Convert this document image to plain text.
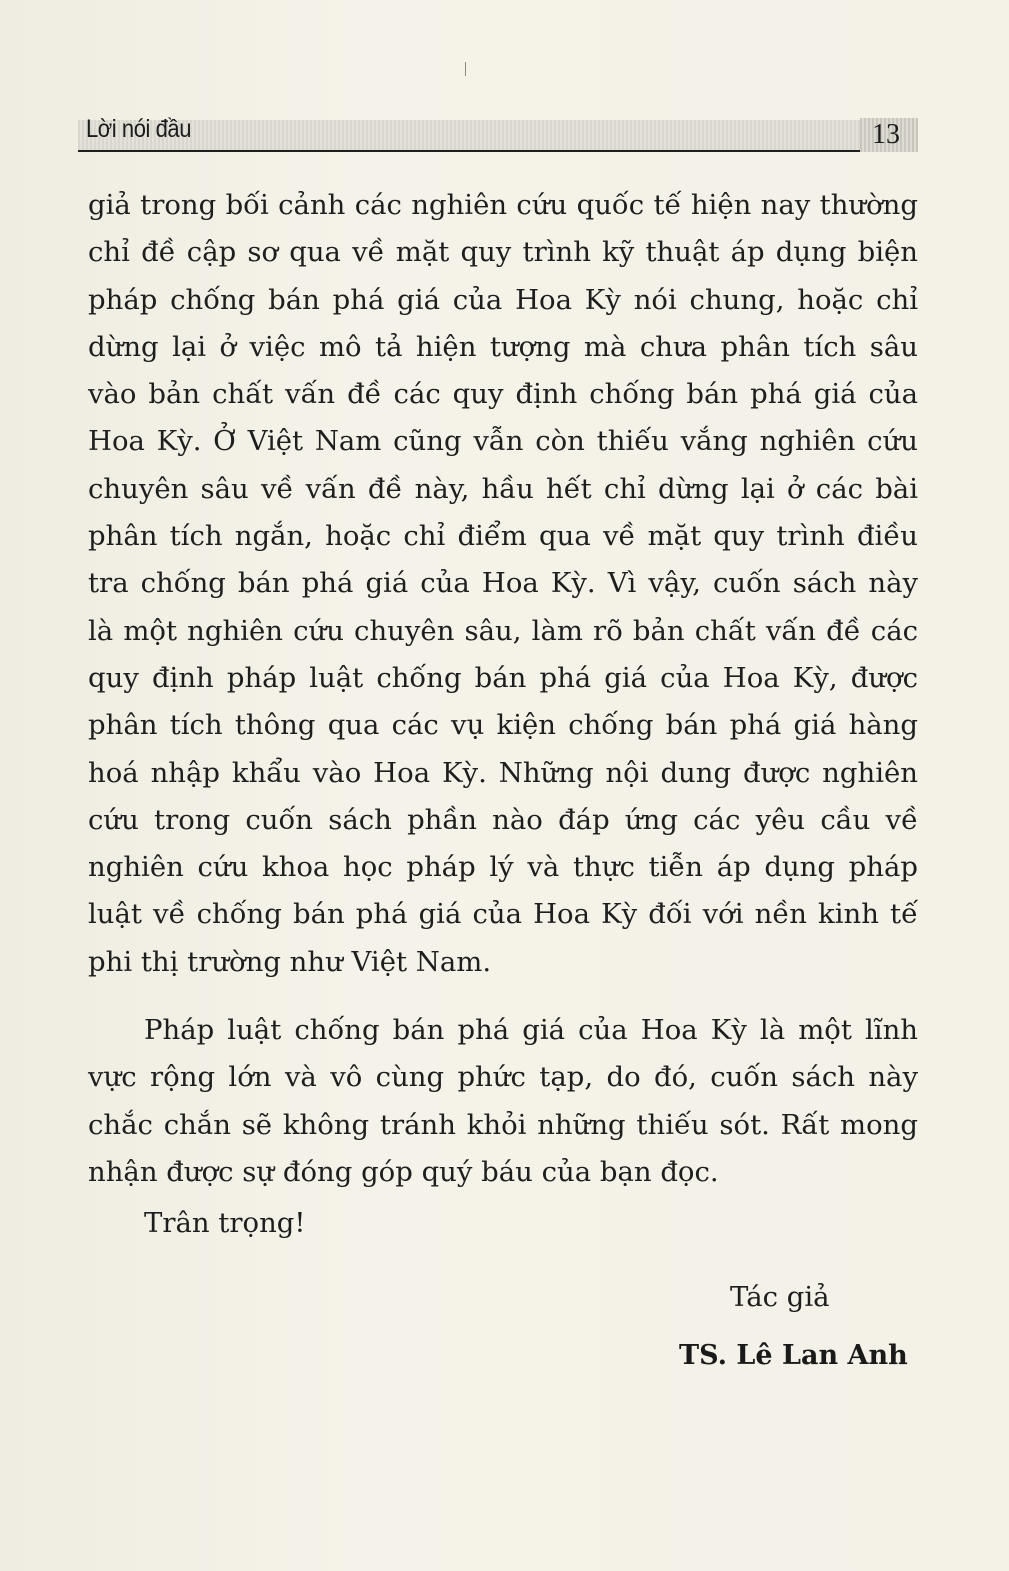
Lời nói đầu	13
giả trong bối cảnh các nghiên cứu quốc tế hiện nay thường
chỉ đề cập sơ qua về mặt quy trình kỹ thuật áp dụng biện
pháp chống bán phá giá của Hoa Kỳ nói chung, hoặc chỉ
dừng lại ở việc mô tả hiện tượng mà chưa phân tích sâu
vào bản chất vấn đề các quy định chống bán phá giá của
Hoa Kỳ. Ở Việt Nam cũng vẫn còn thiếu vắng nghiên cứu
chuyên sâu về vấn đề này, hầu hết chỉ dừng lại ở các bài
phân tích ngắn, hoặc chỉ điểm qua về mặt quy trình điều
tra chống bán phá giá của Hoa Kỳ. Vì vậy, cuốn sách này
là một nghiên cứu chuyên sâu, làm rõ bản chất vấn đề các
quy định pháp luật chống bán phá giá của Hoa Kỳ, được
phân tích thông qua các vụ kiện chống bán phá giá hàng
hoá nhập khẩu vào Hoa Kỳ. Những nội dung được nghiên
cứu trong cuốn sách phần nào đáp ứng các yêu cầu về
nghiên cứu khoa học pháp lý và thực tiễn áp dụng pháp
luật về chống bán phá giá của Hoa Kỳ đối với nền kinh tế
phi thị trường như Việt Nam.
Pháp luật chống bán phá giá của Hoa Kỳ là một lĩnh
vực rộng lớn và vô cùng phức tạp, do đó, cuốn sách này
chắc chắn sẽ không tránh khỏi những thiếu sót. Rất mong
nhận được sự đóng góp quý báu của bạn đọc.
Trân trọng!
Tác giả
TS. Lê Lan Anh
